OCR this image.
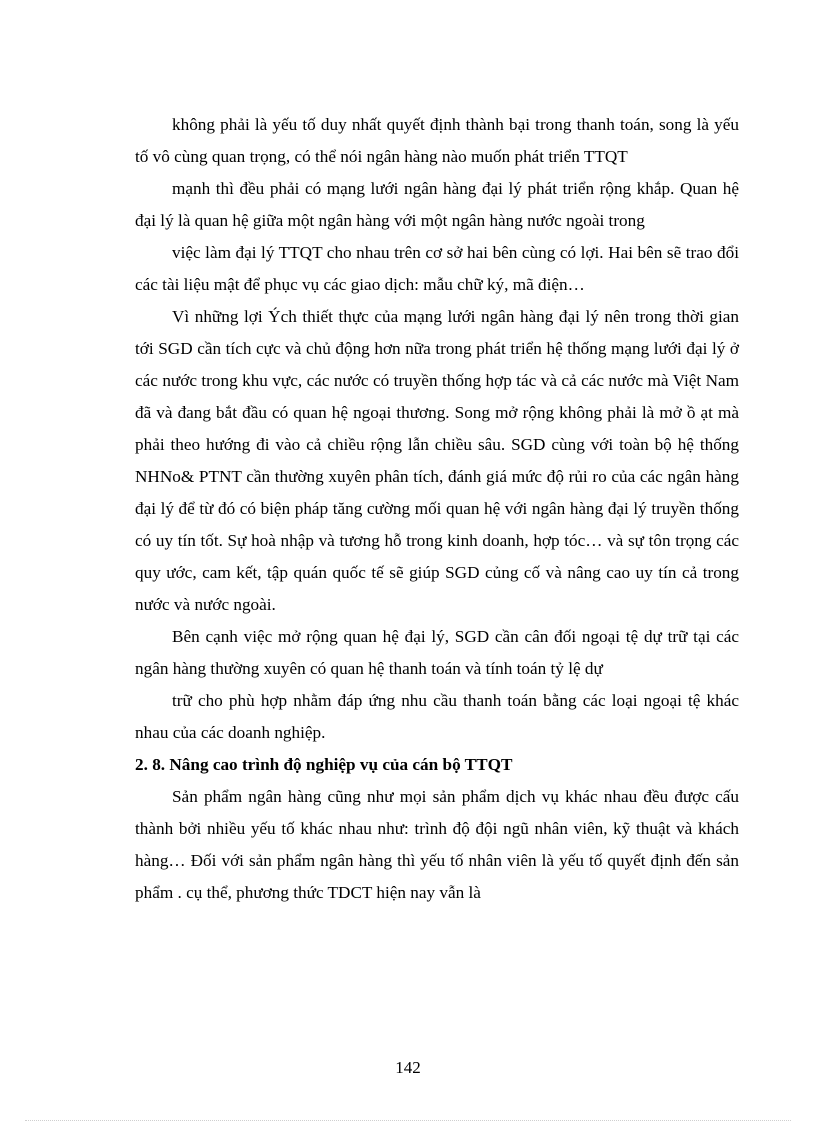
không phải là yếu tố duy nhất quyết định thành bại trong thanh toán, song là yếu tố vô cùng quan trọng, có thể nói ngân hàng nào muốn phát triển TTQT

mạnh thì đều phải có mạng lưới ngân hàng đại lý phát triển rộng khắp. Quan hệ đại lý là quan hệ giữa một ngân hàng với một ngân hàng nước ngoài trong

việc làm đại lý TTQT cho nhau trên cơ sở hai bên cùng có lợi. Hai bên sẽ trao đổi các tài liệu mật để phục vụ các giao dịch: mẫu chữ ký, mã điện…

Vì những lợi Ých thiết thực của mạng lưới ngân hàng đại lý nên trong thời gian tới SGD cần tích cực và chủ động hơn nữa trong phát triển hệ thống mạng lưới đại lý ở các nước trong khu vực, các nước có truyền thống hợp tác và cả các nước mà Việt Nam đã và đang bắt đầu có quan hệ ngoại thương. Song mở rộng không phải là mở ồ ạt mà phải theo hướng đi vào cả chiều rộng lẫn chiều sâu. SGD cùng với toàn bộ hệ thống NHNo& PTNT cần thường xuyên phân tích, đánh giá mức độ rủi ro của các ngân hàng đại lý để từ đó có biện pháp tăng cường mối quan hệ với ngân hàng đại lý truyền thống có uy tín tốt. Sự hoà nhập và tương hỗ trong kinh doanh, hợp tóc… và sự tôn trọng các quy ước, cam kết, tập quán quốc tế sẽ giúp SGD củng cố và nâng cao uy tín cả trong nước và nước ngoài.

Bên cạnh việc mở rộng quan hệ đại lý, SGD cần cân đối ngoại tệ dự trữ tại các ngân hàng thường xuyên có quan hệ thanh toán và tính toán tỷ lệ dự

trữ cho phù hợp nhằm đáp ứng nhu cầu thanh toán bằng các loại ngoại tệ khác nhau của các doanh nghiệp.

2. 8. Nâng cao trình độ nghiệp vụ của cán bộ TTQT

Sản phẩm ngân hàng cũng như mọi sản phẩm dịch vụ khác nhau đều được cấu thành bởi nhiều yếu tố khác nhau như: trình độ đội ngũ nhân viên, kỹ thuật và khách hàng… Đối với sản phẩm ngân hàng thì yếu tố nhân viên là yếu tố quyết định đến sản phẩm . cụ thể, phương thức TDCT hiện nay vẫn là

142
